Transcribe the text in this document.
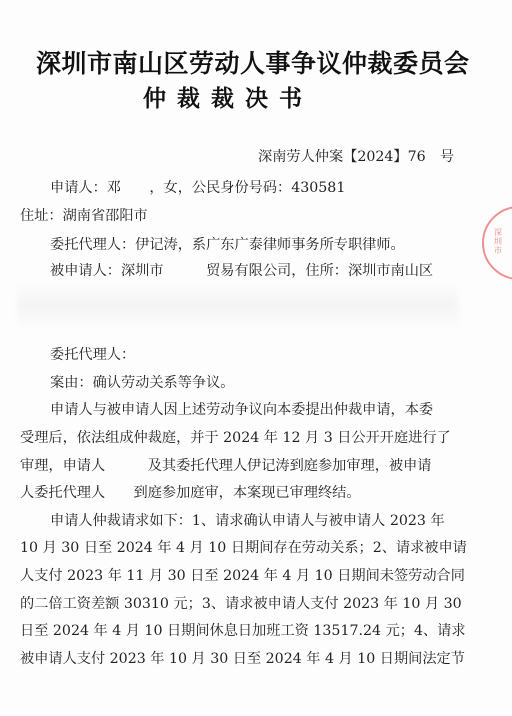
深圳市南山区劳动人事争议仲裁委员会
仲裁裁决书
深南劳人仲案【2024】76　号
申请人：邓　　，女，公民身份号码：430581
住址：湖南省邵阳市
委托代理人：伊记涛，系广东广泰律师事务所专职律师。
被申请人：深圳市　　　贸易有限公司，住所：深圳市南山区
委托代理人：
案由：确认劳动关系等争议。
申请人与被申请人因上述劳动争议向本委提出仲裁申请，本委
受理后，依法组成仲裁庭，并于 2024 年 12 月 3 日公开开庭进行了
审理，申请人　　　及其委托代理人伊记涛到庭参加审理，被申请
人委托代理人　　到庭参加庭审，本案现已审理终结。
申请人仲裁请求如下：1、请求确认申请人与被申请人 2023 年
10 月 30 日至 2024 年 4 月 10 日期间存在劳动关系；2、请求被申请
人支付 2023 年 11 月 30 日至 2024 年 4 月 10 日期间未签劳动合同
的二倍工资差额 30310 元；3、请求被申请人支付 2023 年 10 月 30
日至 2024 年 4 月 10 日期间休息日加班工资 13517.24 元；4、请求
被申请人支付 2023 年 10 月 30 日至 2024 年 4 月 10 日期间法定节
深圳市
